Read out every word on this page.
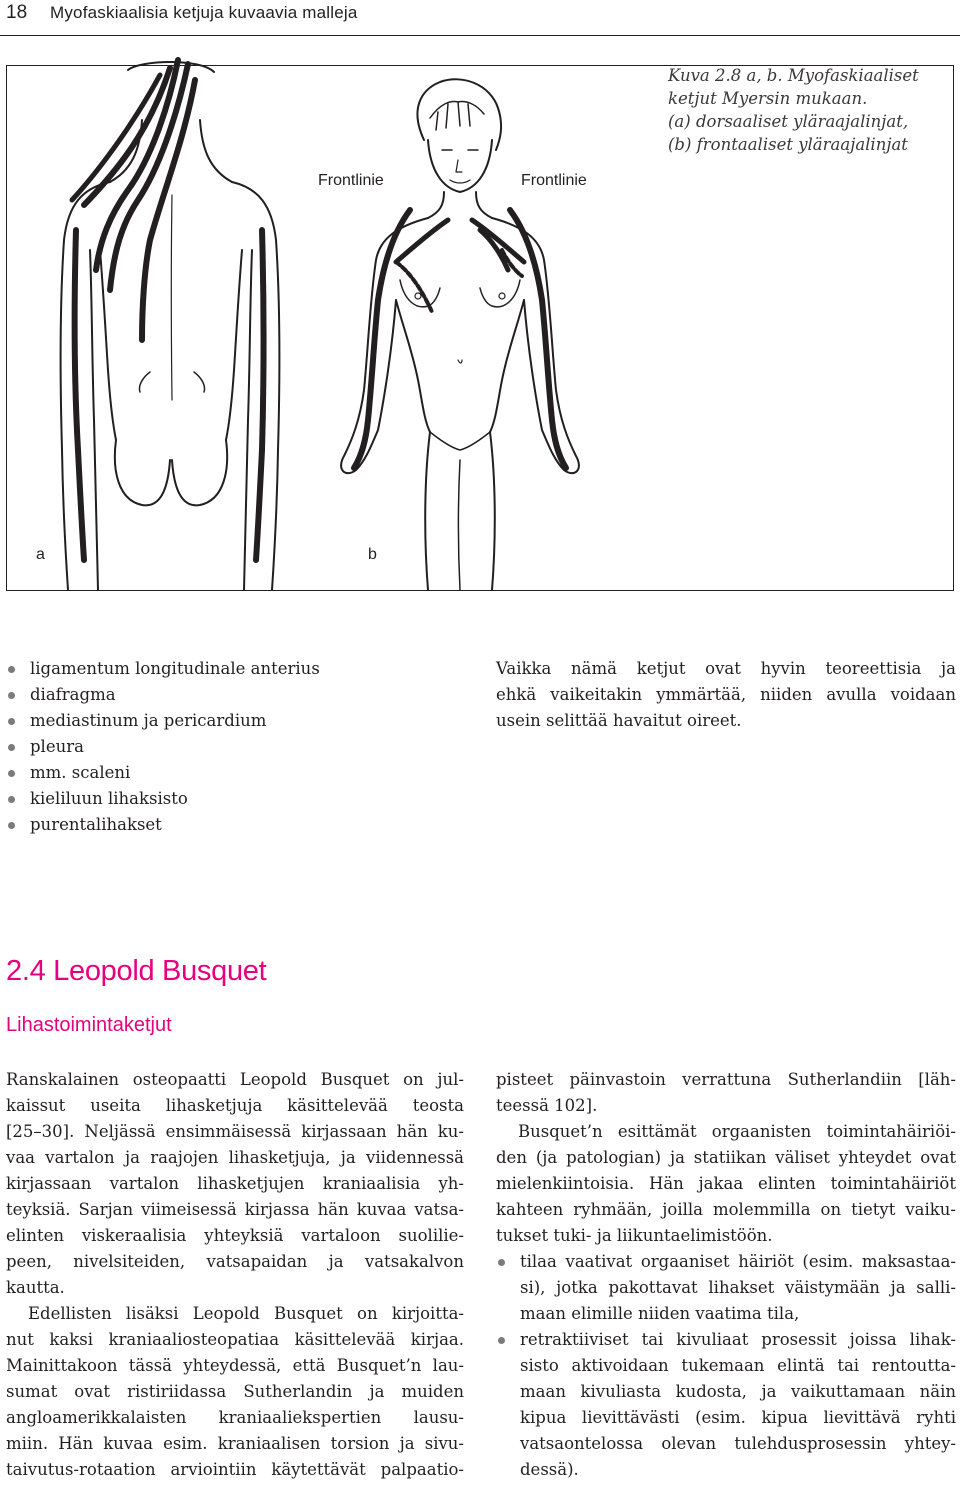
18 Myofaskiaalisia ketjuja kuvaavia malleja
Frontlinie	Frontlinie
a	b
Kuva 2.8 a, b. Myofaskiaaliset
ketjut Myersin mukaan.
(a) dorsaaliset yläraajalinjat,
(b) frontaaliset yläraajalinjat
ligamentum longitudinale anterius
diafragma
mediastinum ja pericardium
pleura
mm. scaleni
kieliluun lihaksisto
purentalihakset
Vaikka nämä ketjut ovat hyvin teoreettisia ja
ehkä vaikeitakin ymmärtää, niiden avulla voidaan
usein selittää havaitut oireet.
2.4 Leopold Busquet
Lihastoimintaketjut
Ranskalainen osteopaatti Leopold Busquet on jul-
kaissut useita lihasketjuja käsittelevää teosta
[25–30]. Neljässä ensimmäisessä kirjassaan hän ku-
vaa vartalon ja raajojen lihasketjuja, ja viidennessä
kirjassaan vartalon lihasketjujen kraniaalisia yh-
teyksiä. Sarjan viimeisessä kirjassa hän kuvaa vatsa-
elinten viskeraalisia yhteyksiä vartaloon suolilie-
peen, nivelsiteiden, vatsapaidan ja vatsakalvon
kautta.
Edellisten lisäksi Leopold Busquet on kirjoitta-
nut kaksi kraniaaliosteopatiaa käsittelevää kirjaa.
Mainittakoon tässä yhteydessä, että Busquet’n lau-
sumat ovat ristiriidassa Sutherlandin ja muiden
angloamerikkalaisten kraniaaliekspertien lausu-
miin. Hän kuvaa esim. kraniaalisen torsion ja sivu-
taivutus-rotaation arviointiin käytettävät palpaatio-
pisteet päinvastoin verrattuna Sutherlandiin [läh-
teessä 102].
Busquet’n esittämät orgaanisten toimintahäiriöi-
den (ja patologian) ja statiikan väliset yhteydet ovat
mielenkiintoisia. Hän jakaa elinten toimintahäiriöt
kahteen ryhmään, joilla molemmilla on tietyt vaiku-
tukset tuki- ja liikuntaelimistöön.
tilaa vaativat orgaaniset häiriöt (esim. maksastaa-
si), jotka pakottavat lihakset väistymään ja salli-
maan elimille niiden vaatima tila,
retraktiiviset tai kivuliaat prosessit joissa lihak-
sisto aktivoidaan tukemaan elintä tai rentoutta-
maan kivuliasta kudosta, ja vaikuttamaan näin
kipua lievittävästi (esim. kipua lievittävä ryhti
vatsaontelossa olevan tulehdusprosessin yhtey-
dessä).
